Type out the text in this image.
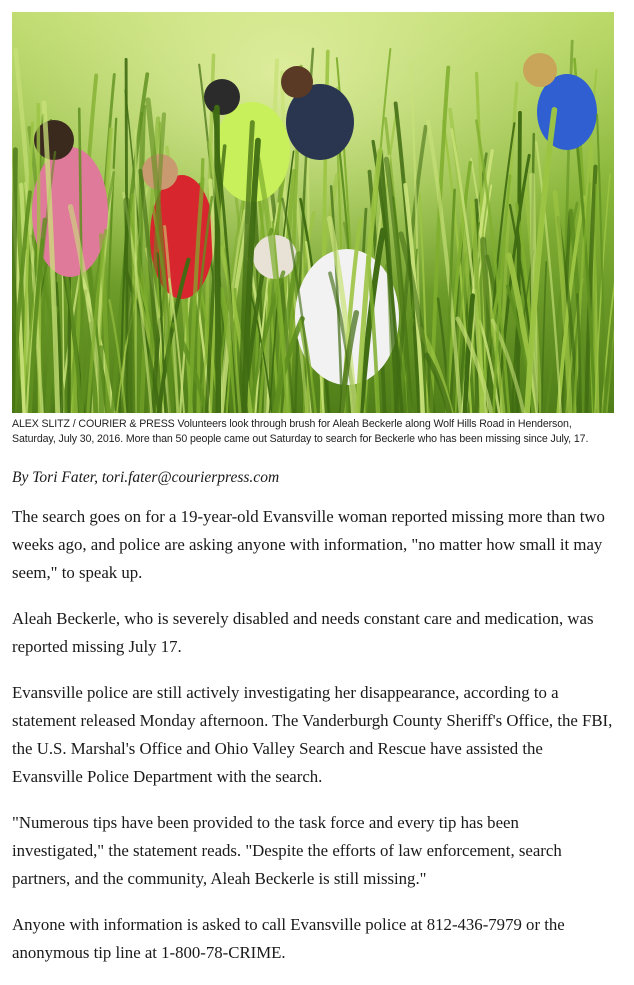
ALEX SLITZ / COURIER & PRESS Volunteers look through brush for Aleah Beckerle along Wolf Hills Road in Henderson, Saturday, July 30, 2016. More than 50 people came out Saturday to search for Beckerle who has been missing since July, 17.
By Tori Fater, tori.fater@courierpress.com

The search goes on for a 19-year-old Evansville woman reported missing more than two weeks ago, and police are asking anyone with information, "no matter how small it may seem," to speak up.

Aleah Beckerle, who is severely disabled and needs constant care and medication, was reported missing July 17.

Evansville police are still actively investigating her disappearance, according to a statement released Monday afternoon. The Vanderburgh County Sheriff's Office, the FBI, the U.S. Marshal's Office and Ohio Valley Search and Rescue have assisted the Evansville Police Department with the search.

"Numerous tips have been provided to the task force and every tip has been investigated," the statement reads. "Despite the efforts of law enforcement, search partners, and the community, Aleah Beckerle is still missing."

Anyone with information is asked to call Evansville police at 812-436-7979 or the anonymous tip line at 1-800-78-CRIME.
